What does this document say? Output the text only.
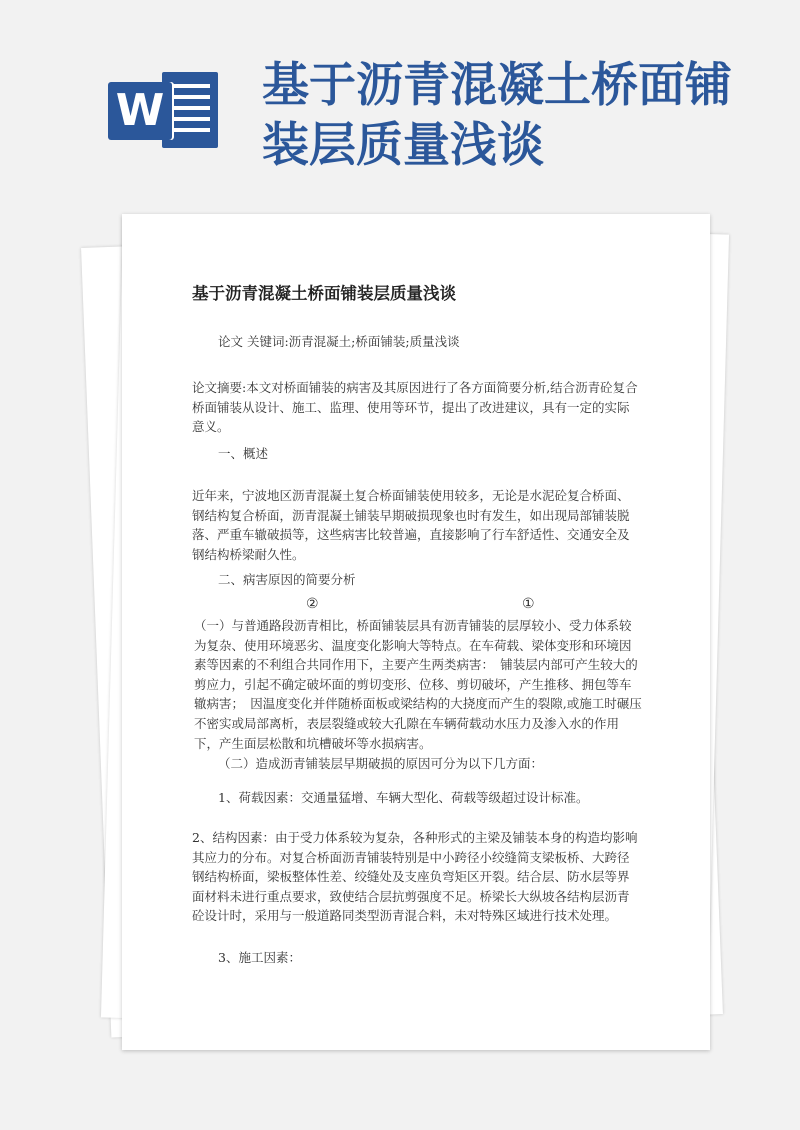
W 基于沥青混凝土桥面铺
装层质量浅谈

基于沥青混凝土桥面铺装层质量浅谈

论文 关键词:沥青混凝土;桥面铺装;质量浅谈

论文摘要:本文对桥面铺装的病害及其原因进行了各方面简要分析,结合沥青砼复合桥面铺装从设计、施工、监理、使用等环节，提出了改进建议，具有一定的实际意义。

一、概述

近年来，宁波地区沥青混凝土复合桥面铺装使用较多，无论是水泥砼复合桥面、钢结构复合桥面，沥青混凝土铺装早期破损现象也时有发生，如出现局部铺装脱落、严重车辙破损等，这些病害比较普遍，直接影响了行车舒适性、交通安全及钢结构桥梁耐久性。

二、病害原因的简要分析

②	①

（一）与普通路段沥青相比，桥面铺装层具有沥青铺装的层厚较小、受力体系较为复杂、使用环境恶劣、温度变化影响大等特点。在车荷载、梁体变形和环境因素等因素的不利组合共同作用下，主要产生两类病害：　铺装层内部可产生较大的剪应力，引起不确定破坏面的剪切变形、位移、剪切破坏，产生推移、拥包等车辙病害；　因温度变化并伴随桥面板或梁结构的大挠度而产生的裂隙,或施工时碾压不密实或局部离析，表层裂缝或较大孔隙在车辆荷载动水压力及渗入水的作用下，产生面层松散和坑槽破坏等水损病害。

（二）造成沥青铺装层早期破损的原因可分为以下几方面：

1、荷载因素：交通量猛增、车辆大型化、荷载等级超过设计标准。

2、结构因素：由于受力体系较为复杂，各种形式的主梁及铺装本身的构造均影响其应力的分布。对复合桥面沥青铺装特别是中小跨径小绞缝简支梁板桥、大跨径钢结构桥面，梁板整体性差、绞缝处及支座负弯矩区开裂。结合层、防水层等界面材料未进行重点要求，致使结合层抗剪强度不足。桥梁长大纵坡各结构层沥青砼设计时，采用与一般道路同类型沥青混合料，未对特殊区域进行技术处理。

3、施工因素：
